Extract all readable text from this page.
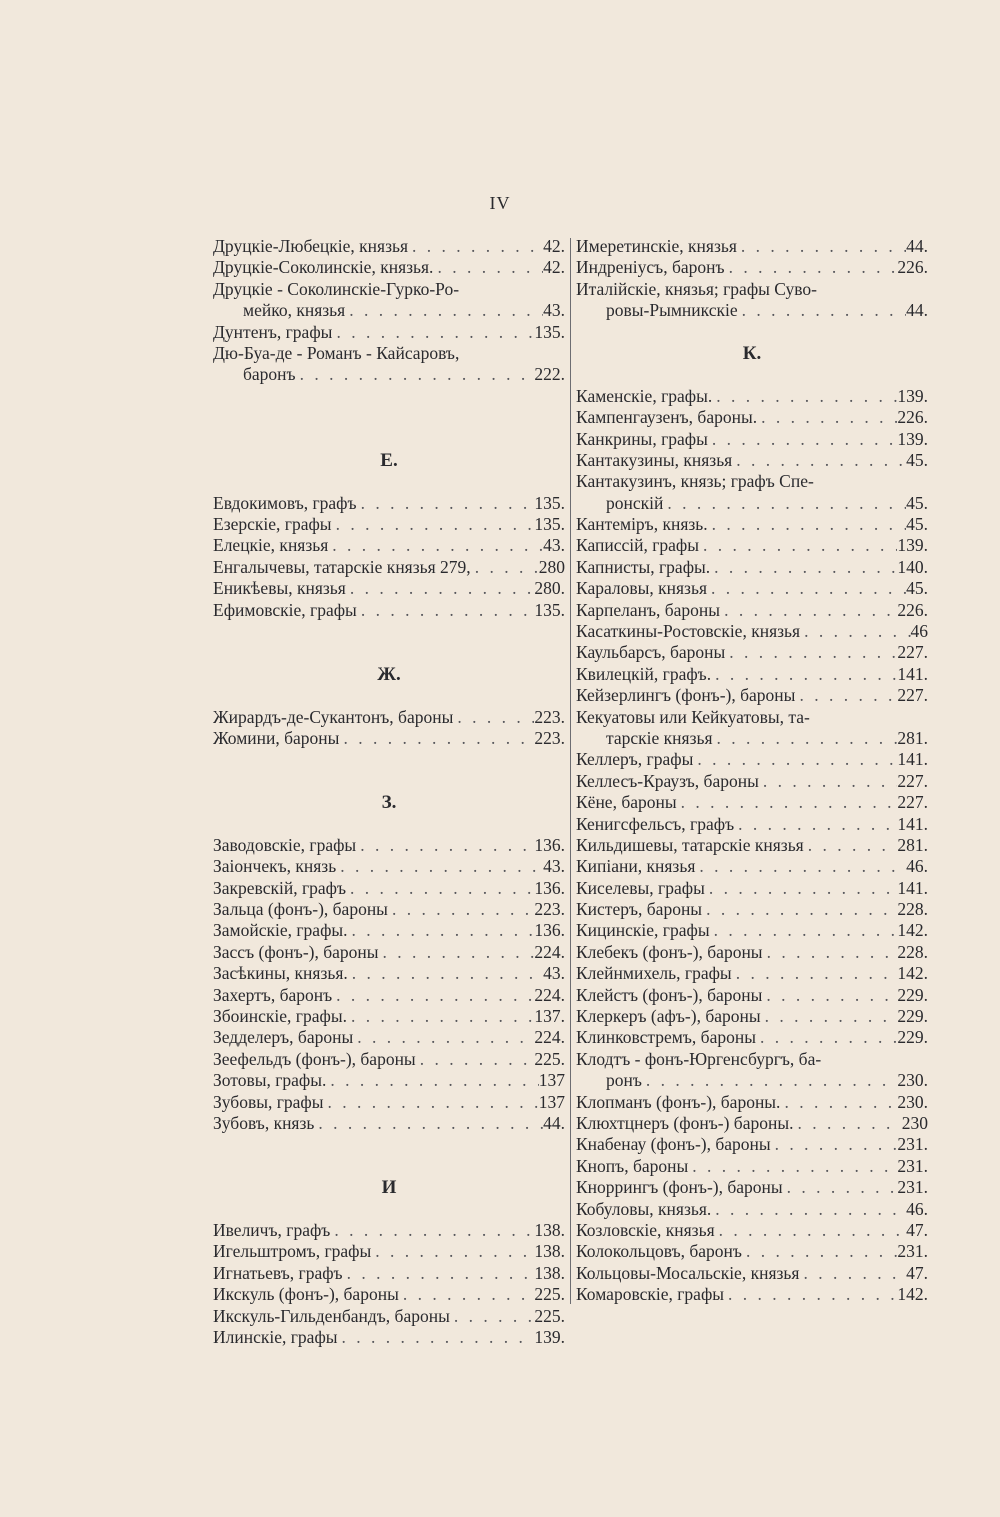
IV
Друцкіе-Любецкіе, князья . . .	42.
Друцкіе-Соколинскіе, князья. . . .	42.
Друцкіе - Соколинскіе-Гурко-Ро-
мейко, князья . . .	43.
Дунтенъ, графы . . .	135.
Дю-Буа-де - Романъ - Кайсаровъ,
баронъ . . .	222.
Е.
Евдокимовъ, графъ . . .	135.
Езерскіе, графы . . .	135.
Елецкіе, князья . . .	43.
Енгалычевы, татарскіе князья 279, . . .	280
Еникѣевы, князья . . .	280.
Ефимовскіе, графы . . .	135.
Ж.
Жирардъ-де-Сукантонъ, бароны . . .	223.
Жомини, бароны . . .	223.
З.
Заводовскіе, графы . . .	136.
Заіончекъ, князь . . .	43.
Закревскій, графъ . . .	136.
Зальца (фонъ-), бароны . . .	223.
Замойскіе, графы. . . .	136.
Зассъ (фонъ-), бароны . . .	224.
Засѣкины, князья. . . .	43.
Захертъ, баронъ . . .	224.
Збоинскіе, графы. . . .	137.
Зедделеръ, бароны . . .	224.
Зеефельдъ (фонъ-), бароны . . .	225.
Зотовы, графы. . . .	137
Зубовы, графы . . .	137
Зубовъ, князь . . .	44.
И
Ивеличъ, графъ . . .	138.
Игельштромъ, графы . . .	138.
Игнатьевъ, графъ . . .	138.
Икскуль (фонъ-), бароны . . .	225.
Икскуль-Гильденбандъ, бароны . . .	225.
Илинскіе, графы . . .	139.
Имеретинскіе, князья . . .	44.
Индреніусъ, баронъ . . .	226.
Италійскіе, князья; графы Суво-
ровы-Рымникскіе . . .	44.
К.
Каменскіе, графы. . . .	139.
Кампенгаузенъ, бароны. . . .	226.
Канкрины, графы . . .	139.
Кантакузины, князья . . .	45.
Кантакузинъ, князь; графъ Спе-
ронскій . . .	45.
Кантеміръ, князь. . . .	45.
Каписсій, графы . . .	139.
Капнисты, графы. . . .	140.
Караловы, князья . . .	45.
Карпеланъ, бароны . . .	226.
Касаткины-Ростовскіе, князья . . .	46
Каульбарсъ, бароны . . .	227.
Квилецкій, графъ. . . .	141.
Кейзерлингъ (фонъ-), бароны . . .	227.
Кекуатовы или Кейкуатовы, та-
тарскіе князья . . .	281.
Келлеръ, графы . . .	141.
Келлесъ-Краузъ, бароны . . .	227.
Кёне, бароны . . .	227.
Кенигсфельсъ, графъ . . .	141.
Кильдишевы, татарскіе князья . . .	281.
Кипіани, князья . . .	46.
Киселевы, графы . . .	141.
Кистеръ, бароны . . .	228.
Кицинскіе, графы . . .	142.
Клебекъ (фонъ-), бароны . . .	228.
Клейнмихель, графы . . .	142.
Клейстъ (фонъ-), бароны . . .	229.
Клеркеръ (афъ-), бароны . . .	229.
Клинковстремъ, бароны . . .	229.
Клодтъ - фонъ-Юргенсбургъ, ба-
ронъ . . .	230.
Клопманъ (фонъ-), бароны. . . .	230.
Клюхтцнеръ (фонъ-) бароны. . . .	230
Кнабенау (фонъ-), бароны . . .	231.
Кнопъ, бароны . . .	231.
Кноррингъ (фонъ-), бароны . . .	231.
Кобуловы, князья. . . .	46.
Козловскіе, князья . . .	47.
Колокольцовъ, баронъ . . .	231.
Кольцовы-Мосальскіе, князья . . .	47.
Комаровскіе, графы . . .	142.
